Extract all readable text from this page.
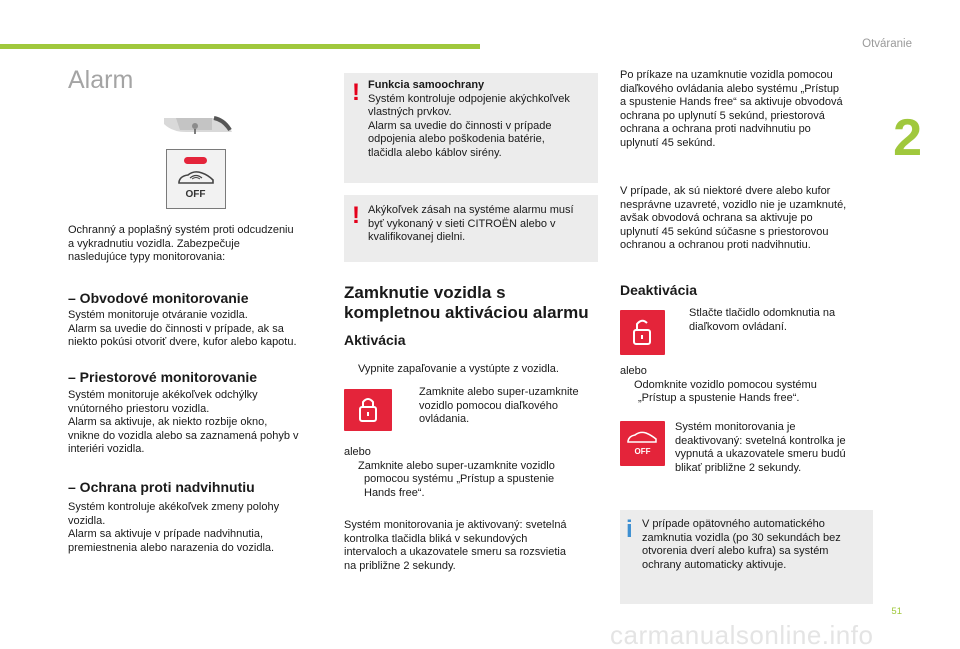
Otváranie
2
51
Alarm
OFF

Ochranný a poplašný systém proti odcudzeniu

a vykradnutiu vozidla. Zabezpečuje

nasledujúce typy monitorovania:

– Obvodové monitorovanie

Systém monitoruje otváranie vozidla.

Alarm sa uvedie do činnosti v prípade, ak sa

niekto pokúsi otvoriť dvere, kufor alebo kapotu.

– Priestorové monitorovanie

Systém monitoruje akékoľvek odchýlky

vnútorného priestoru vozidla.

Alarm sa aktivuje, ak niekto rozbije okno,

vnikne do vozidla alebo sa zaznamená pohyb v

interiéri vozidla.

– Ochrana proti nadvihnutiu

Systém kontroluje akékoľvek zmeny polohy

vozidla.

Alarm sa aktivuje v prípade nadvihnutia,

premiestnenia alebo narazenia do vozidla.

! Funkcia samoochrany

Systém kontroluje odpojenie akýchkoľvek

vlastných prvkov.

Alarm sa uvedie do činnosti v prípade

odpojenia alebo poškodenia batérie,

tlačidla alebo káblov sirény.

! Akýkoľvek zásah na systéme alarmu musí

byť vykonaný v sieti CITROËN alebo v

kvalifikovanej dielni.

Zamknutie vozidla s
kompletnou aktiváciou alarmu
Aktivácia

Vypnite zapaľovanie a vystúpte z vozidla.

Zamknite alebo super-uzamknite

vozidlo pomocou diaľkového

ovládania.

alebo

Zamknite alebo super-uzamknite vozidlo

pomocou systému „Prístup a spustenie

Hands free“.

Systém monitorovania je aktivovaný: svetelná

kontrolka tlačidla bliká v sekundových

intervaloch a ukazovatele smeru sa rozsvietia

na približne 2 sekundy.

Po príkaze na uzamknutie vozidla pomocou

diaľkového ovládania alebo systému „Prístup

a spustenie Hands free“ sa aktivuje obvodová

ochrana po uplynutí 5 sekúnd, priestorová

ochrana a ochrana proti nadvihnutiu po

uplynutí 45 sekúnd.

V prípade, ak sú niektoré dvere alebo kufor

nesprávne uzavreté, vozidlo nie je uzamknuté,

avšak obvodová ochrana sa aktivuje po

uplynutí 45 sekúnd súčasne s priestorovou

ochranou a ochranou proti nadvihnutiu.

Deaktivácia

Stlačte tlačidlo odomknutia na

diaľkovom ovládaní.

alebo

Odomknite vozidlo pomocou systému

„Prístup a spustenie Hands free“.

OFF

Systém monitorovania je

deaktivovaný: svetelná kontrolka je

vypnutá a ukazovatele smeru budú

blikať približne 2 sekundy.

i V prípade opätovného automatického

zamknutia vozidla (po 30 sekundách bez

otvorenia dverí alebo kufra) sa systém

ochrany automaticky aktivuje.

carmanualsonline.info
